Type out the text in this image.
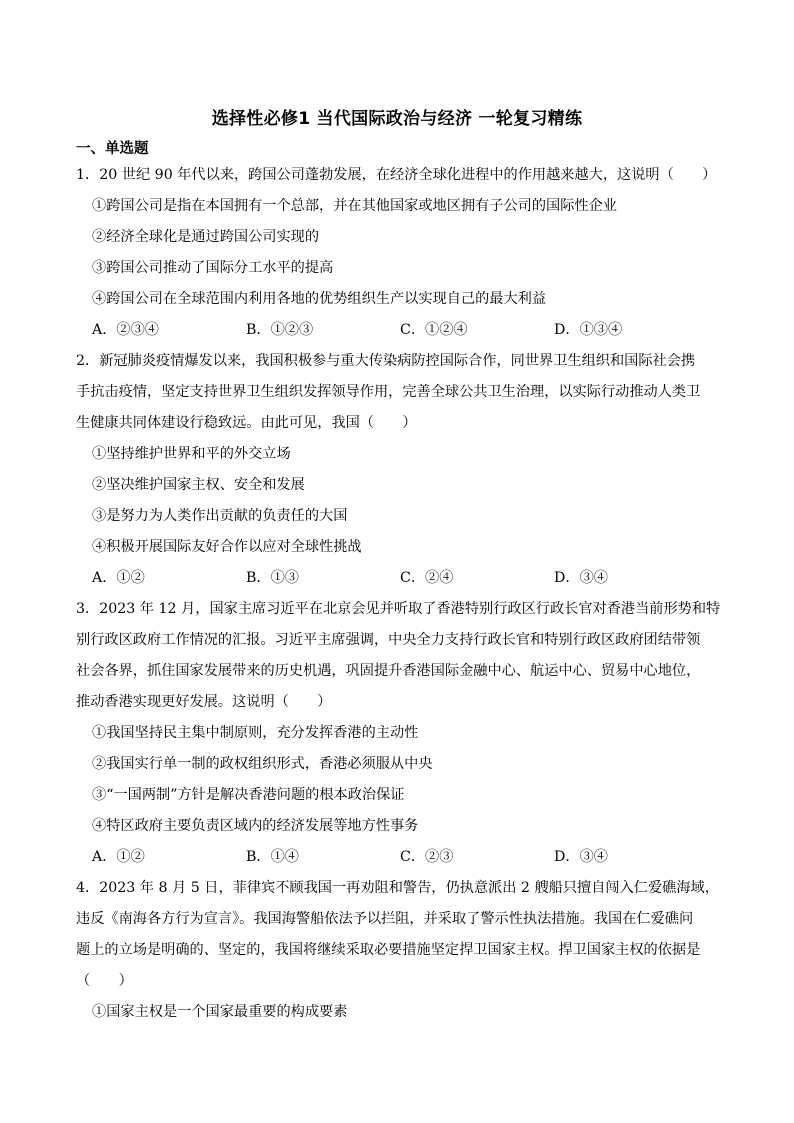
选择性必修1 当代国际政治与经济 一轮复习精练
一、单选题
1．20 世纪 90 年代以来，跨国公司蓬勃发展，在经济全球化进程中的作用越来越大，这说明（　　）
①跨国公司是指在本国拥有一个总部，并在其他国家或地区拥有子公司的国际性企业
②经济全球化是通过跨国公司实现的
③跨国公司推动了国际分工水平的提高
④跨国公司在全球范围内利用各地的优势组织生产以实现自己的最大利益
A．②③④	B．①②③	C．①②④	D．①③④
2．新冠肺炎疫情爆发以来，我国积极参与重大传染病防控国际合作，同世界卫生组织和国际社会携
手抗击疫情，坚定支持世界卫生组织发挥领导作用，完善全球公共卫生治理，以实际行动推动人类卫
生健康共同体建设行稳致远。由此可见，我国（　　）
①坚持维护世界和平的外交立场
②坚决维护国家主权、安全和发展
③是努力为人类作出贡献的负责任的大国
④积极开展国际友好合作以应对全球性挑战
A．①②	B．①③	C．②④	D．③④
3．2023 年 12 月，国家主席习近平在北京会见并听取了香港特别行政区行政长官对香港当前形势和特
别行政区政府工作情况的汇报。习近平主席强调，中央全力支持行政长官和特别行政区政府团结带领
社会各界，抓住国家发展带来的历史机遇，巩固提升香港国际金融中心、航运中心、贸易中心地位，
推动香港实现更好发展。这说明（　　）
①我国坚持民主集中制原则，充分发挥香港的主动性
②我国实行单一制的政权组织形式，香港必须服从中央
③“一国两制”方针是解决香港问题的根本政治保证
④特区政府主要负责区域内的经济发展等地方性事务
A．①②	B．①④	C．②③	D．③④
4．2023 年 8 月 5 日，菲律宾不顾我国一再劝阻和警告，仍执意派出 2 艘船只擅自闯入仁爱礁海域，
违反《南海各方行为宣言》。我国海警船依法予以拦阻，并采取了警示性执法措施。我国在仁爱礁问
题上的立场是明确的、坚定的，我国将继续采取必要措施坚定捍卫国家主权。捍卫国家主权的依据是
（　　）
①国家主权是一个国家最重要的构成要素
